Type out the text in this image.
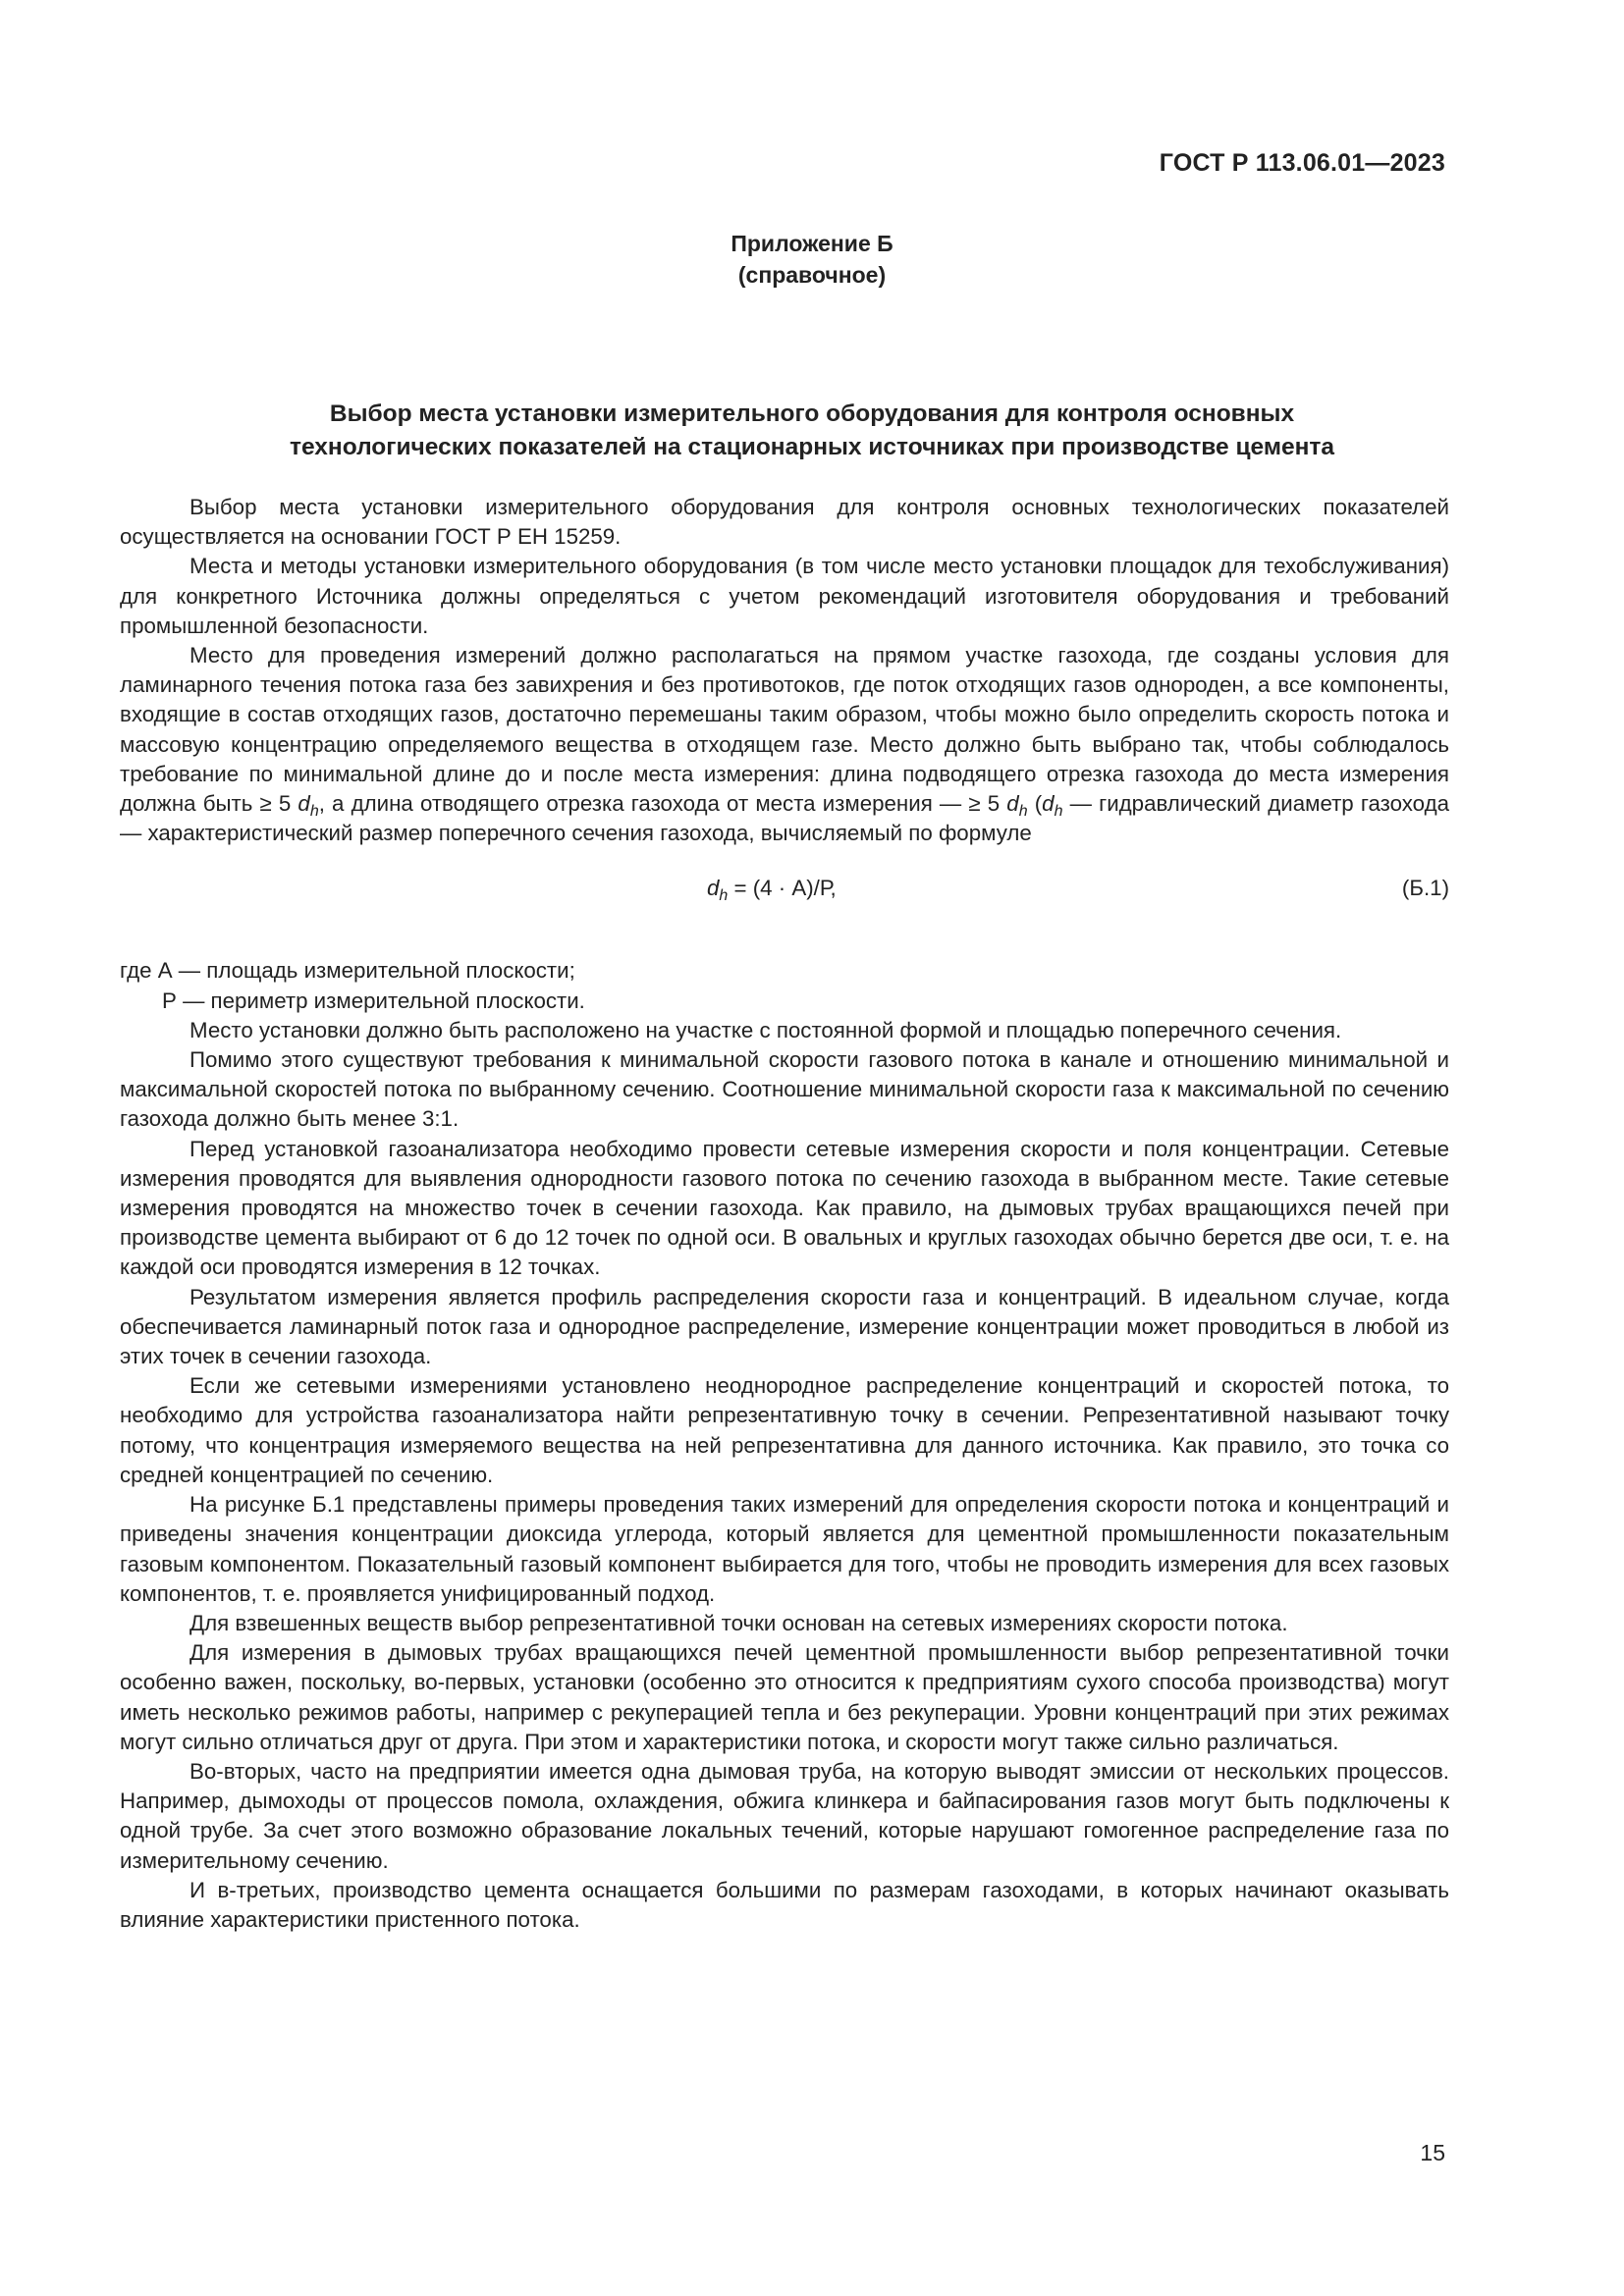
ГОСТ Р 113.06.01—2023
Приложение Б
(справочное)
Выбор места установки измерительного оборудования для контроля основных
технологических показателей на стационарных источниках при производстве цемента

Выбор места установки измерительного оборудования для контроля основных технологических показателей осуществляется на основании ГОСТ Р ЕН 15259.

Места и методы установки измерительного оборудования (в том числе место установки площадок для техобслуживания) для конкретного Источника должны определяться с учетом рекомендаций изготовителя оборудования и требований промышленной безопасности.

Место для проведения измерений должно располагаться на прямом участке газохода, где созданы условия для ламинарного течения потока газа без завихрения и без противотоков, где поток отходящих газов однороден, а все компоненты, входящие в состав отходящих газов, достаточно перемешаны таким образом, чтобы можно было определить скорость потока и массовую концентрацию определяемого вещества в отходящем газе. Место должно быть выбрано так, чтобы соблюдалось требование по минимальной длине до и после места измерения: длина подводящего отрезка газохода до места измерения должна быть ≥ 5 $d_h$, а длина отводящего отрезка газохода от места измерения — ≥ 5 $d_h$ ($d_h$ — гидравлический диаметр газохода — характеристический размер поперечного сечения газохода, вычисляемый по формуле

$d_h = (4 \cdot А)/Р$,	(Б.1)

где А — площадь измерительной плоскости;

Р — периметр измерительной плоскости.

Место установки должно быть расположено на участке с постоянной формой и площадью поперечного сечения.

Помимо этого существуют требования к минимальной скорости газового потока в канале и отношению минимальной и максимальной скоростей потока по выбранному сечению. Соотношение минимальной скорости газа к максимальной по сечению газохода должно быть менее 3:1.

Перед установкой газоанализатора необходимо провести сетевые измерения скорости и поля концентрации. Сетевые измерения проводятся для выявления однородности газового потока по сечению газохода в выбранном месте. Такие сетевые измерения проводятся на множество точек в сечении газохода. Как правило, на дымовых трубах вращающихся печей при производстве цемента выбирают от 6 до 12 точек по одной оси. В овальных и круглых газоходах обычно берется две оси, т. е. на каждой оси проводятся измерения в 12 точках.

Результатом измерения является профиль распределения скорости газа и концентраций. В идеальном случае, когда обеспечивается ламинарный поток газа и однородное распределение, измерение концентрации может проводиться в любой из этих точек в сечении газохода.

Если же сетевыми измерениями установлено неоднородное распределение концентраций и скоростей потока, то необходимо для устройства газоанализатора найти репрезентативную точку в сечении. Репрезентативной называют точку потому, что концентрация измеряемого вещества на ней репрезентативна для данного источника. Как правило, это точка со средней концентрацией по сечению.

На рисунке Б.1 представлены примеры проведения таких измерений для определения скорости потока и концентраций и приведены значения концентрации диоксида углерода, который является для цементной промышленности показательным газовым компонентом. Показательный газовый компонент выбирается для того, чтобы не проводить измерения для всех газовых компонентов, т. е. проявляется унифицированный подход.

Для взвешенных веществ выбор репрезентативной точки основан на сетевых измерениях скорости потока.

Для измерения в дымовых трубах вращающихся печей цементной промышленности выбор репрезентативной точки особенно важен, поскольку, во-первых, установки (особенно это относится к предприятиям сухого способа производства) могут иметь несколько режимов работы, например с рекуперацией тепла и без рекуперации. Уровни концентраций при этих режимах могут сильно отличаться друг от друга. При этом и характеристики потока, и скорости могут также сильно различаться.

Во-вторых, часто на предприятии имеется одна дымовая труба, на которую выводят эмиссии от нескольких процессов. Например, дымоходы от процессов помола, охлаждения, обжига клинкера и байпасирования газов могут быть подключены к одной трубе. За счет этого возможно образование локальных течений, которые нарушают гомогенное распределение газа по измерительному сечению.

И в-третьих, производство цемента оснащается большими по размерам газоходами, в которых начинают оказывать влияние характеристики пристенного потока.

15
